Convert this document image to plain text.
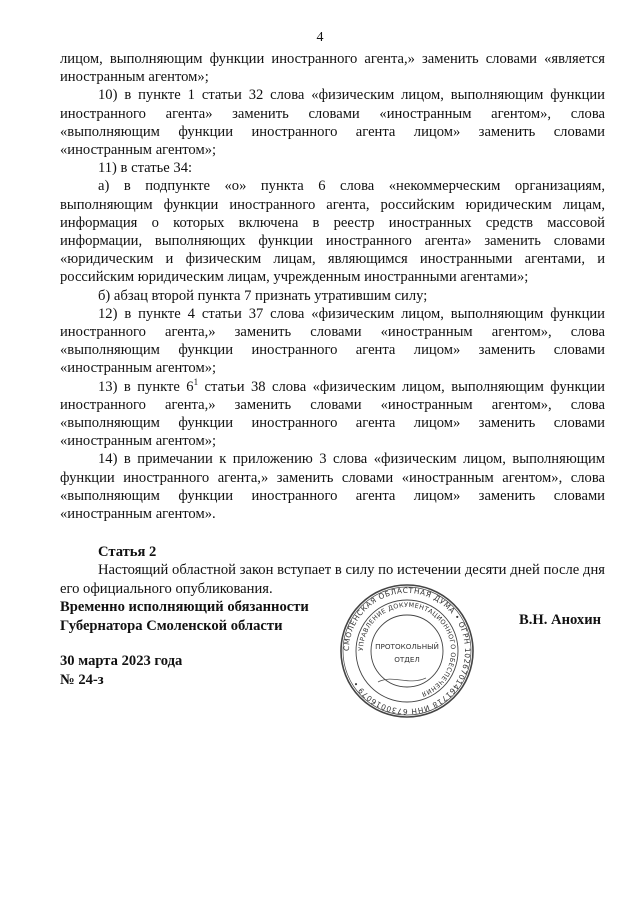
4

лицом, выполняющим функции иностранного агента,» заменить словами «является иностранным агентом»;

10) в пункте 1 статьи 32 слова «физическим лицом, выполняющим функции иностранного агента» заменить словами «иностранным агентом», слова «выполняющим функции иностранного агента лицом» заменить словами «иностранным агентом»;

11) в статье 34:

а) в подпункте «о» пункта 6 слова «некоммерческим организациям, выполняющим функции иностранного агента, российским юридическим лицам, информация о которых включена в реестр иностранных средств массовой информации, выполняющих функции иностранного агента» заменить словами «юридическим и физическим лицам, являющимся иностранными агентами, и российским юридическим лицам, учрежденным иностранными агентами»;

б) абзац второй пункта 7 признать утратившим силу;

12) в пункте 4 статьи 37 слова «физическим лицом, выполняющим функции иностранного агента,» заменить словами «иностранным агентом», слова «выполняющим функции иностранного агента лицом» заменить словами «иностранным агентом»;

13) в пункте $6^1$ статьи 38 слова «физическим лицом, выполняющим функции иностранного агента,» заменить словами «иностранным агентом», слова «выполняющим функции иностранного агента лицом» заменить словами «иностранным агентом»;

14) в примечании к приложению 3 слова «физическим лицом, выполняющим функции иностранного агента,» заменить словами «иностранным агентом», слова «выполняющим функции иностранного агента лицом» заменить словами «иностранным агентом».

Статья 2

Настоящий областной закон вступает в силу по истечении десяти дней после дня его официального опубликования.

Временно исполняющий обязанности
Губернатора Смоленской области
СМОЛЕНСКАЯ ОБЛАСТНАЯ ДУМА • ОГРН 1026701461718 ИНН 6730016079 •
УПРАВЛЕНИЕ ДОКУМЕНТАЦИОННОГО ОБЕСПЕЧЕНИЯ
ПРОТОКОЛЬНЫЙ
ОТДЕЛ
В.Н. Анохин
30 марта 2023 года
№ 24-з
